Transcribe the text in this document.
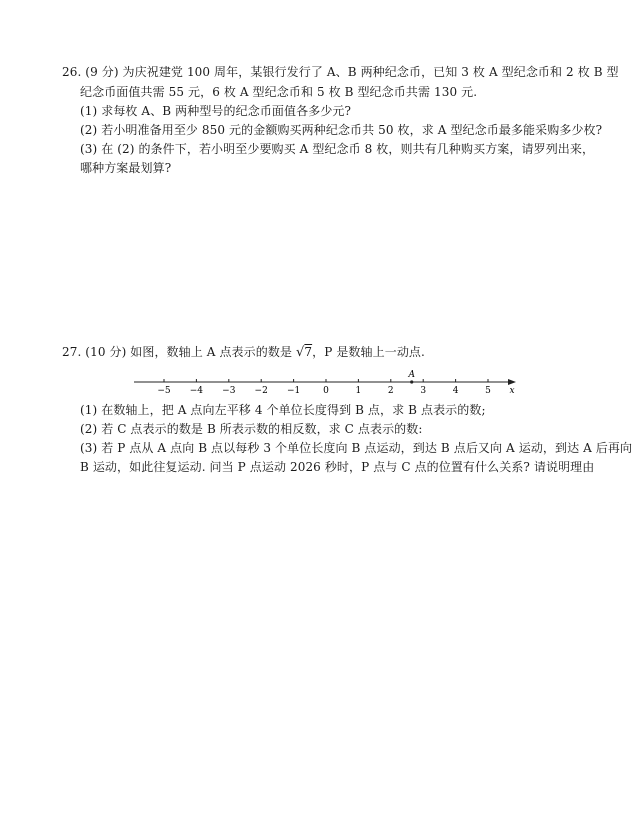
26. (9 分) 为庆祝建党 100 周年，某银行发行了 A、B 两种纪念币，已知 3 枚 A 型纪念币和 2 枚 B 型
纪念币面值共需 55 元，6 枚 A 型纪念币和 5 枚 B 型纪念币共需 130 元.
(1) 求每枚 A、B 两种型号的纪念币面值各多少元?
(2) 若小明准备用至少 850 元的金额购买两种纪念币共 50 枚，求 A 型纪念币最多能采购多少枚?
(3) 在 (2) 的条件下，若小明至少要购买 A 型纪念币 8 枚，则共有几种购买方案，请罗列出来，
哪种方案最划算?
27. (10 分) 如图，数轴上 A 点表示的数是 √7，P 是数轴上一动点.
−5 −4 −3 −2 −1	0	1	2	3	4	5 x
A
(1) 在数轴上，把 A 点向左平移 4 个单位长度得到 B 点，求 B 点表示的数;
(2) 若 C 点表示的数是 B 所表示数的相反数，求 C 点表示的数:
(3) 若 P 点从 A 点向 B 点以每秒 3 个单位长度向 B 点运动，到达 B 点后又向 A 运动，到达 A 后再向
B 运动，如此往复运动. 问当 P 点运动 2026 秒时，P 点与 C 点的位置有什么关系? 请说明理由
